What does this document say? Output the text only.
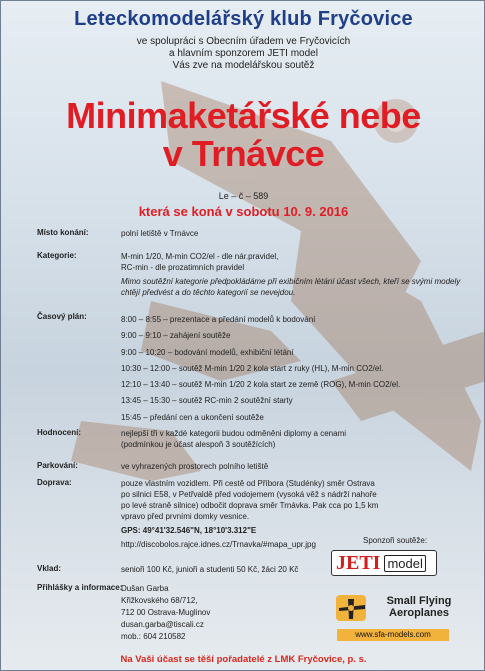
Leteckomodelářský klub Fryčovice
ve spolupráci s Obecním úřadem ve Fryčovicích
a hlavním sponzorem JETI model
Vás zve na modelářskou soutěž
Minimaketářské nebe
v Trnávce
Le – č – 589
která se koná v sobotu 10. 9. 2016
Místo konání:	polní letiště v Trnávce
Kategorie:	M-min 1/20, M-min CO2/el - dle nár.pravidel,
RC-min - dle prozatimních pravidel
Mimo soutěžní kategorie předpokládáme při exibičním létání účast všech, kteří se svými modely
chtějí předvést a do těchto kategorií se nevejdou.
Časový plán:	8:00 – 8:55 – prezentace a předání modelů k bodování
9:00 – 9:10 – zahájení soutěže
9:00 – 10:20 – bodování modelů, exhibiční létání
10:30 – 12:00 – soutěž M-min 1/20 2 kola start z ruky (HL), M-min CO2/el.
12:10 – 13:40 – soutěž M-min 1/20 2 kola start ze země (ROG), M-min CO2/el.
13:45 – 15:30 – soutěž RC-min 2 soutěžní starty
15:45 – předání cen a ukončení soutěže
Hodnocení:	nejlepší tři v každé kategorii budou odměněni diplomy a cenami
(podmínkou je účast alespoň 3 soutěžících)
Parkování:	ve vyhrazených prostorech polního letiště
Doprava:	pouze vlastním vozidlem. Při cestě od Příbora (Studénky) směr Ostrava
po silnici E58, v Petřvaldě před vodojemem (vysoká věž s nádrží nahoře
po levé straně silnice) odbočit doprava směr Trnávka. Pak cca po 1,5 km
vpravo před prvními domky vesnice.
GPS: 49°41'32.546"N, 18°10'3.312"E
http://discobolos.rajce.idnes.cz/Trnavka/#mapa_upr.jpg	Sponzoři soutěže:
JETI model
Vklad:	senioři 100 Kč, junioři a studenti 50 Kč, žáci 20 Kč
Přihlášky a informace:
Dušan Garba
Křižkovského 68/712,
712 00 Ostrava-Muglinov
dusan.garba@tiscali.cz
mob.: 604 210582
Small Flying
Aeroplanes
www.sfa-models.com
Na Vaši účast se těší pořadatelé z LMK Fryčovice, p. s.
